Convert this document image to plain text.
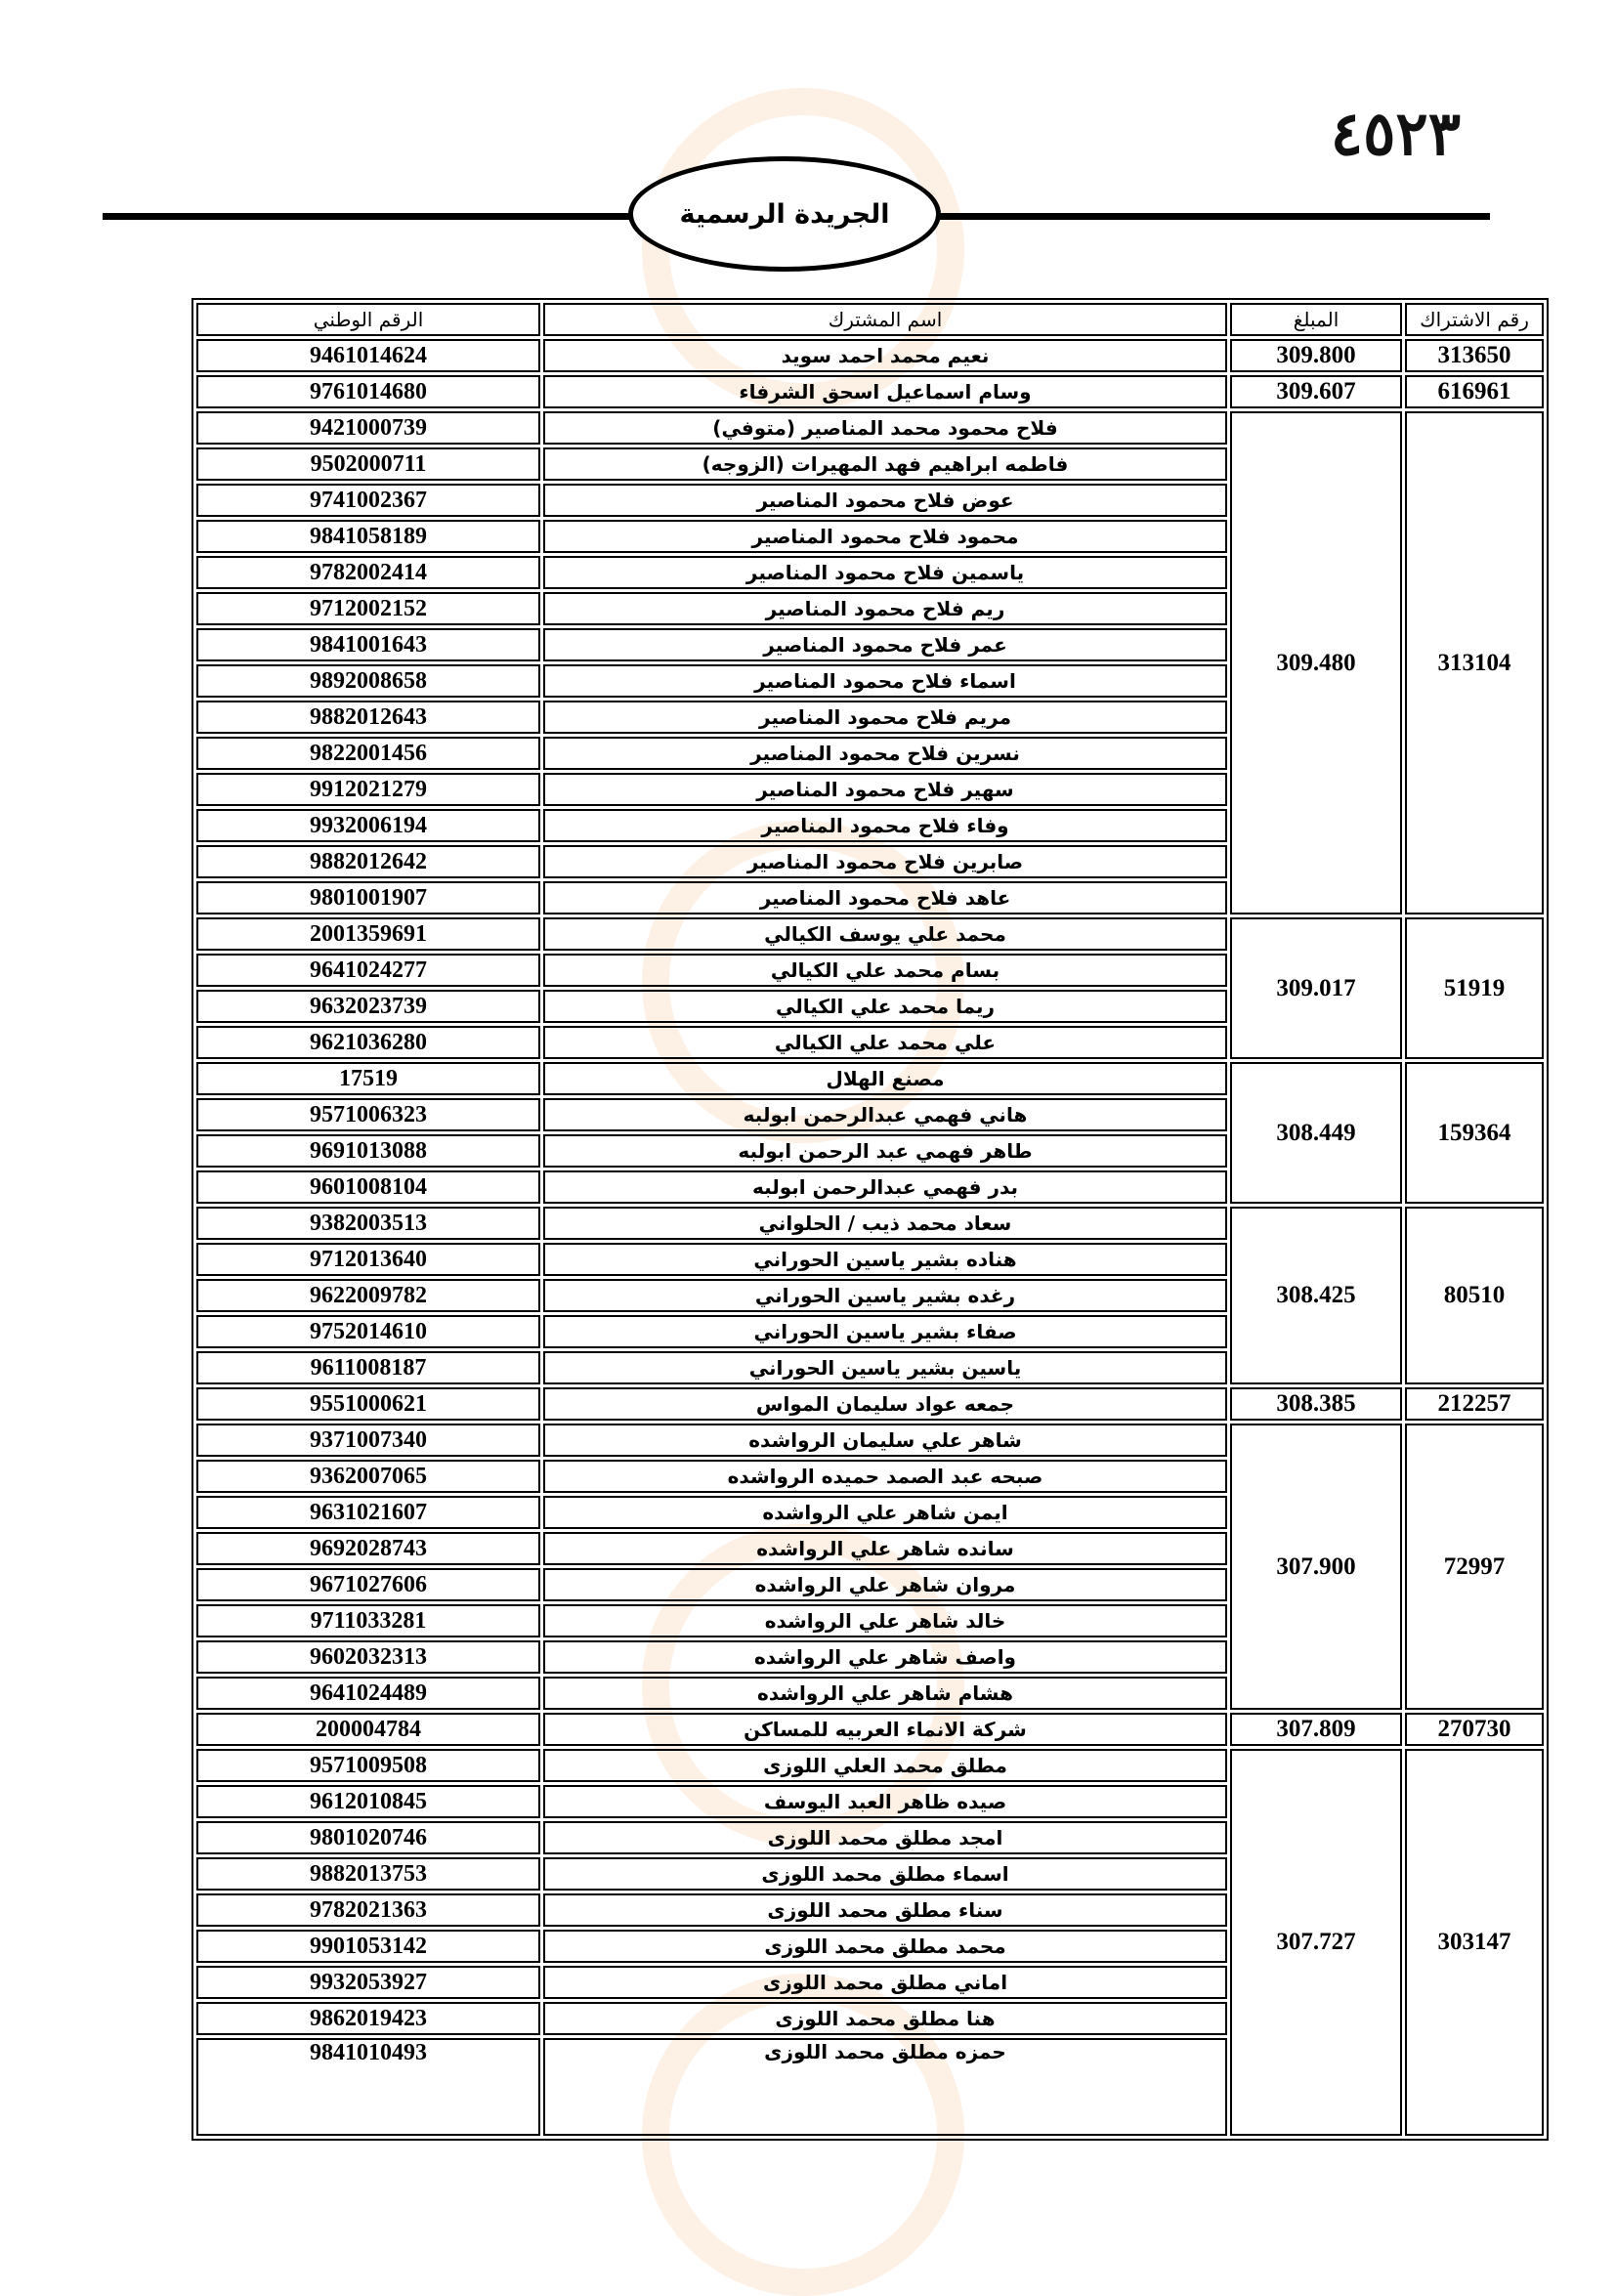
٤٥٢٣
الجريدة الرسمية
رقم الاشتراك	المبلغ	اسم المشترك	الرقم الوطني
313650	309.800	نعيم محمد احمد سويد	9461014624
616961	309.607	وسام اسماعيل اسحق الشرفاء	9761014680
313104	309.480	فلاح محمود محمد المناصير (متوفي)	9421000739
		فاطمه ابراهيم فهد المهيرات (الزوجه)	9502000711
		عوض فلاح محمود المناصير	9741002367
		محمود فلاح محمود المناصير	9841058189
		ياسمين فلاح محمود المناصير	9782002414
		ريم فلاح محمود المناصير	9712002152
		عمر فلاح محمود المناصير	9841001643
		اسماء فلاح محمود المناصير	9892008658
		مريم فلاح محمود المناصير	9882012643
		نسرين فلاح محمود المناصير	9822001456
		سهير فلاح محمود المناصير	9912021279
		وفاء فلاح محمود المناصير	9932006194
		صابرين فلاح محمود المناصير	9882012642
		عاهد فلاح محمود المناصير	9801001907
51919	309.017	محمد علي يوسف الكيالي	2001359691
		بسام محمد علي الكيالي	9641024277
		ريما محمد علي الكيالي	9632023739
		علي محمد علي الكيالي	9621036280
159364	308.449	مصنع الهلال	17519
		هاني فهمي عبدالرحمن ابولبه	9571006323
		طاهر فهمي عبد الرحمن ابولبه	9691013088
		بدر فهمي عبدالرحمن ابولبه	9601008104
80510	308.425	سعاد محمد ذيب / الحلواني	9382003513
		هناده بشير ياسين الحوراني	9712013640
		رغده بشير ياسين الحوراني	9622009782
		صفاء بشير ياسين الحوراني	9752014610
		ياسين بشير ياسين الحوراني	9611008187
212257	308.385	جمعه عواد سليمان المواس	9551000621
72997	307.900	شاهر علي سليمان الرواشده	9371007340
		صبحه عبد الصمد حميده الرواشده	9362007065
		ايمن شاهر علي الرواشده	9631021607
		سانده شاهر علي الرواشده	9692028743
		مروان شاهر علي الرواشده	9671027606
		خالد شاهر علي الرواشده	9711033281
		واصف شاهر علي الرواشده	9602032313
		هشام شاهر علي الرواشده	9641024489
270730	307.809	شركة الانماء العربيه للمساكن	200004784
303147	307.727	مطلق محمد العلي اللوزى	9571009508
		صيده ظاهر العبد اليوسف	9612010845
		امجد مطلق محمد اللوزى	9801020746
		اسماء مطلق محمد اللوزى	9882013753
		سناء مطلق محمد اللوزى	9782021363
		محمد مطلق محمد اللوزى	9901053142
		اماني مطلق محمد اللوزى	9932053927
		هنا مطلق محمد اللوزى	9862019423
		حمزه مطلق محمد اللوزى	9841010493
